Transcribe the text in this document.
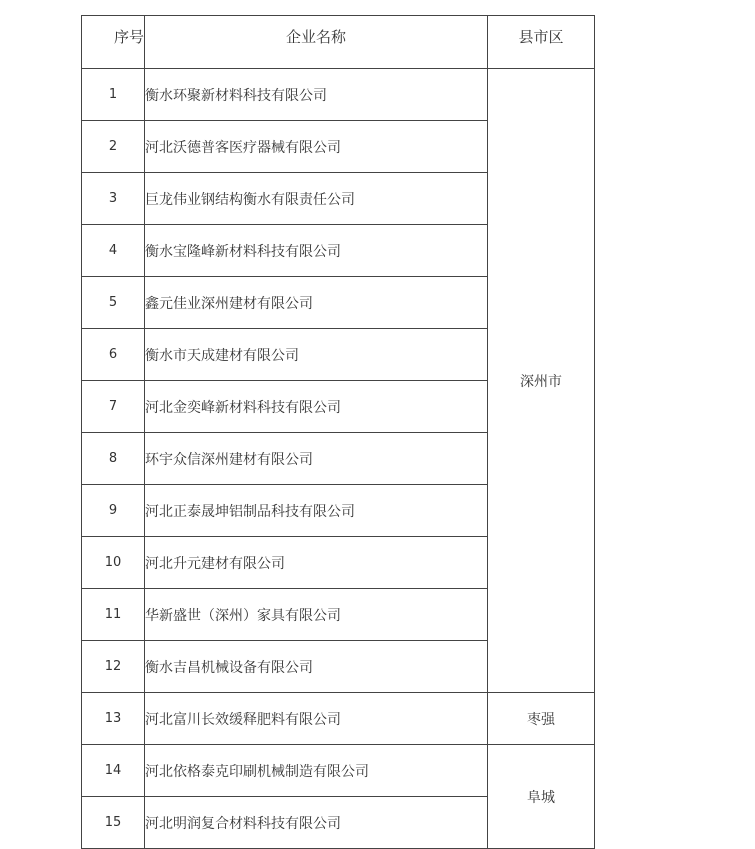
序号	企业名称	县市区
1	衡水环聚新材料科技有限公司	深州市
2	河北沃德普客医疗器械有限公司	
3	巨龙伟业钢结构衡水有限责任公司	
4	衡水宝隆峰新材料科技有限公司	
5	鑫元佳业深州建材有限公司	
6	衡水市天成建材有限公司	
7	河北金奕峰新材料科技有限公司	
8	环宇众信深州建材有限公司	
9	河北正泰晟坤铝制品科技有限公司	
10	河北升元建材有限公司	
11	华新盛世（深州）家具有限公司	
12	衡水吉昌机械设备有限公司	
13	河北富川长效缓释肥料有限公司	枣强
14	河北依格泰克印刷机械制造有限公司	阜城
15	河北明润复合材料科技有限公司	
